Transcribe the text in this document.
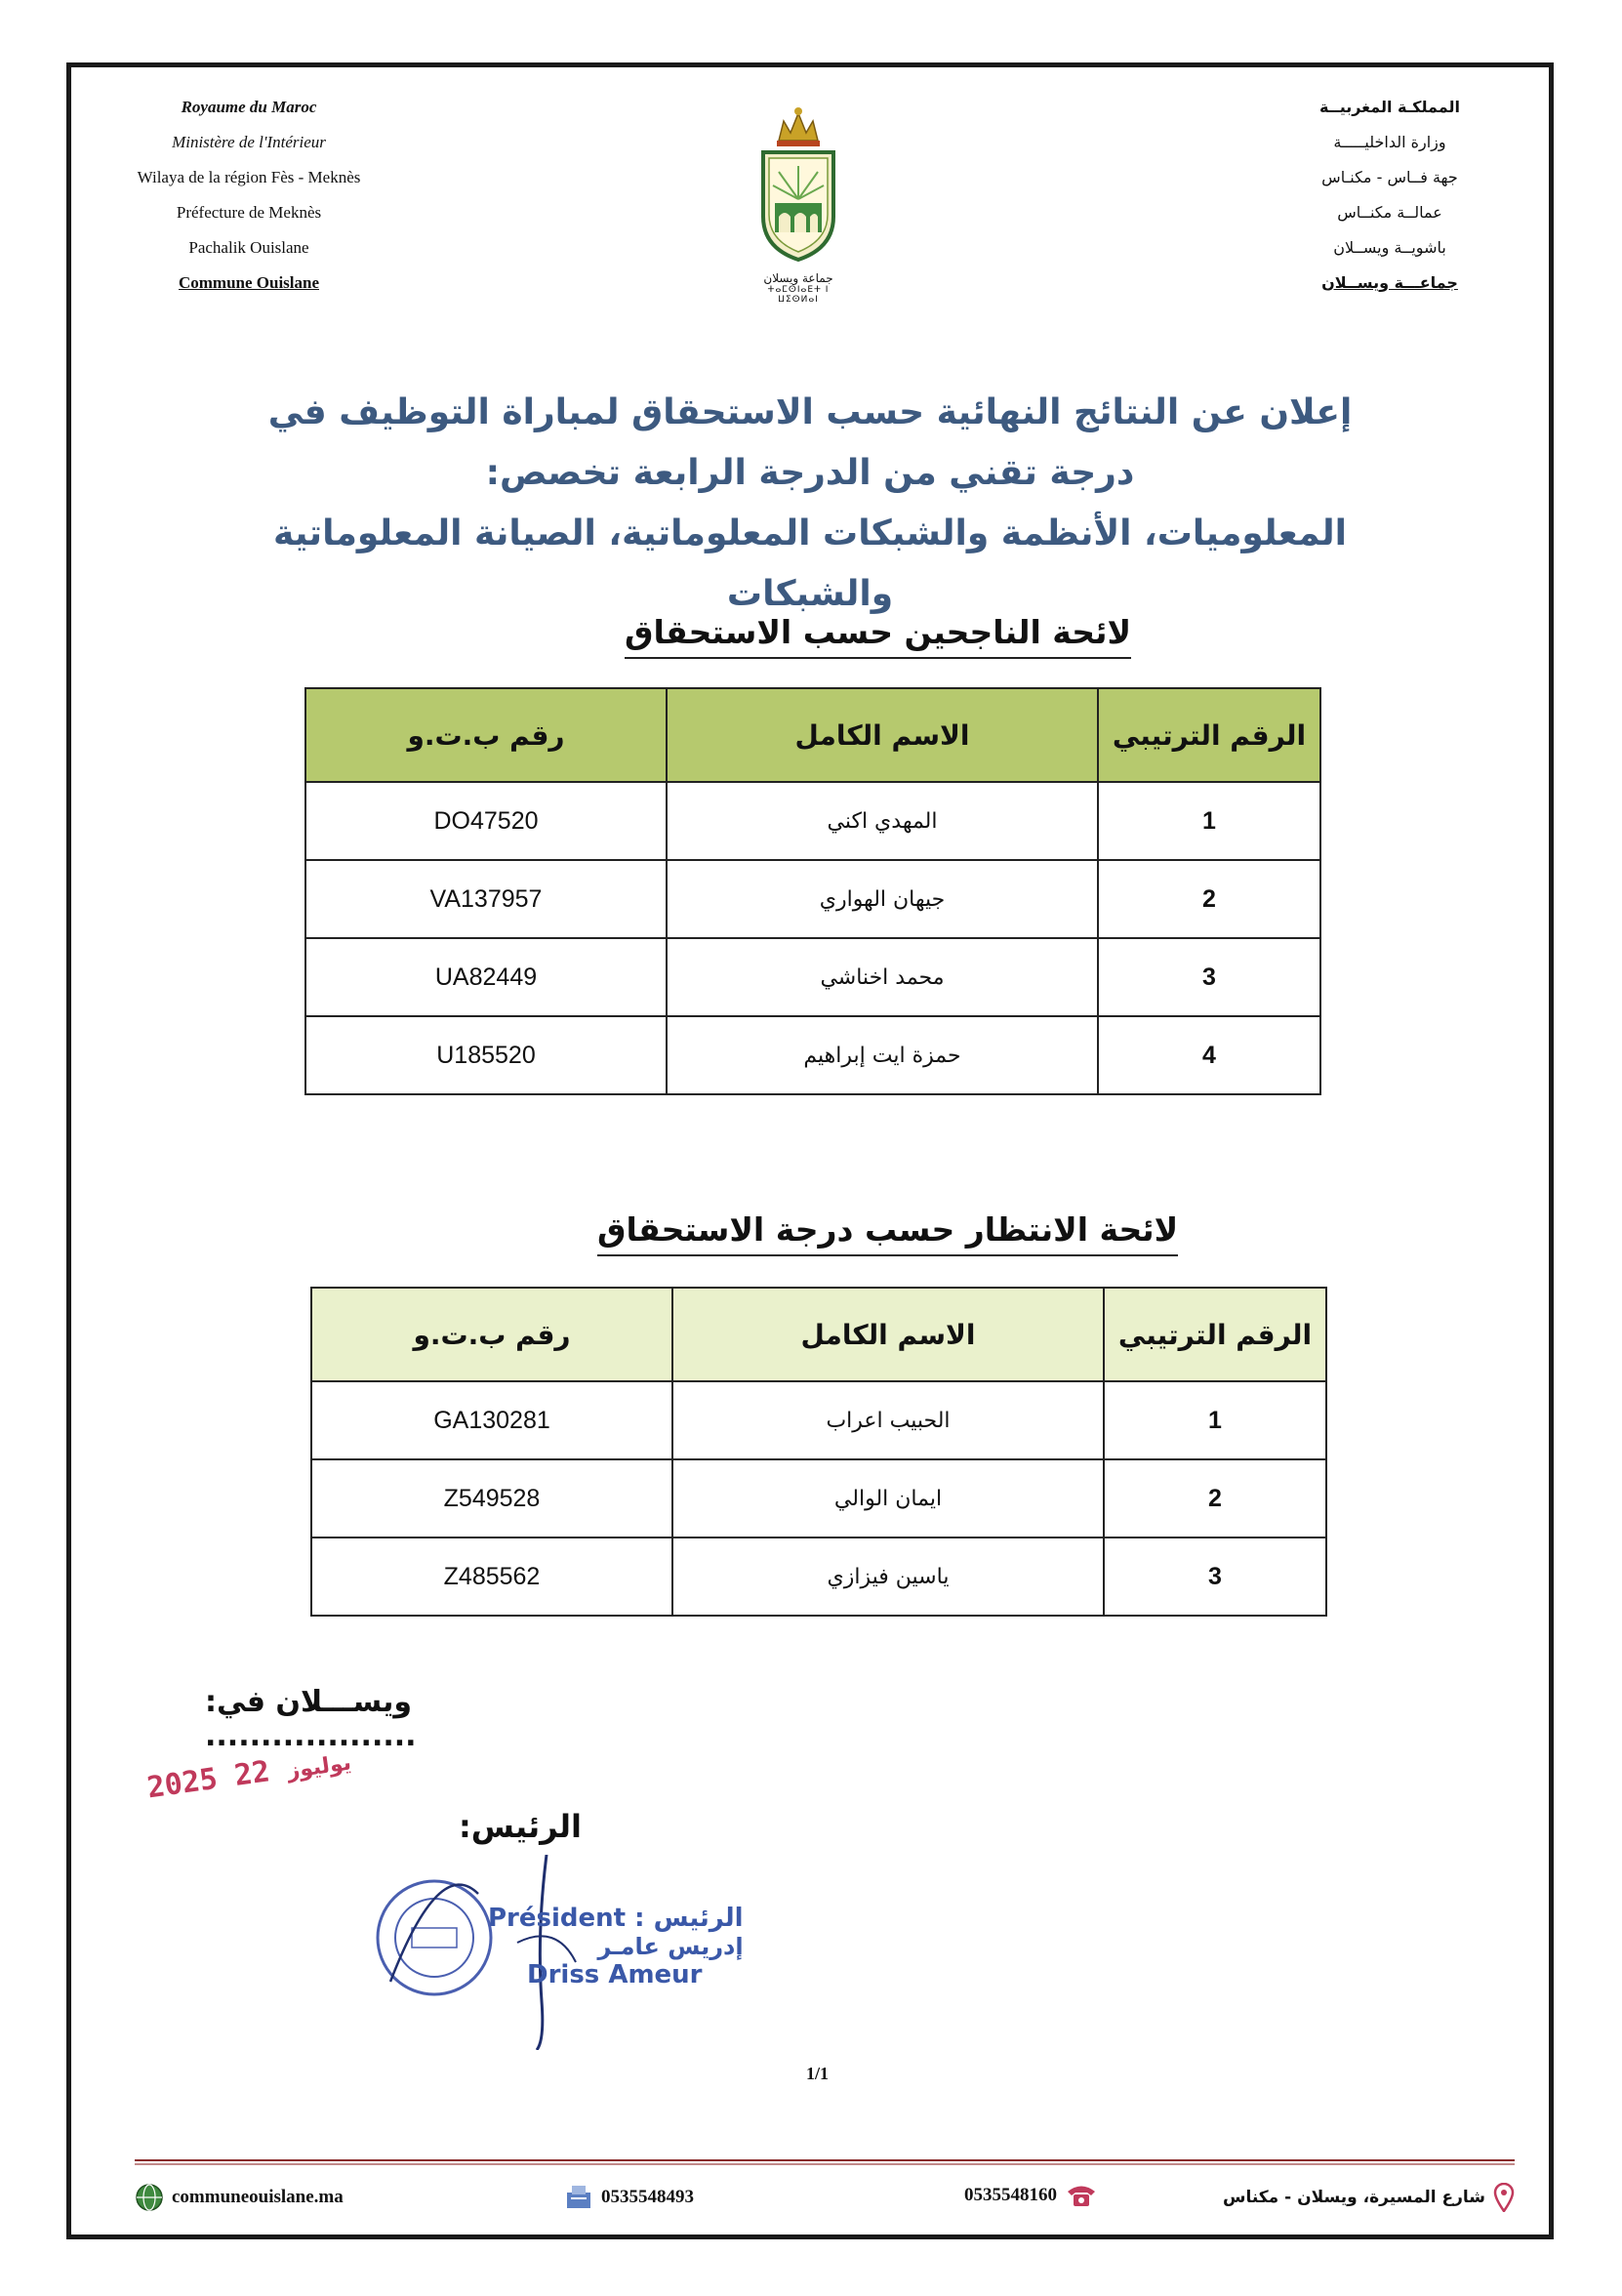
Royaume du Maroc
Ministère de l'Intérieur
Wilaya de la région Fès - Meknès
Préfecture de Meknès
Pachalik Ouislane
Commune Ouislane	جماعة ويسلان
ⵜⴰⵎⵙⵏⴰⴹⵜ ⵏ ⵡⵉⵙⵍⴰⵏ
المملكـة المغربيــة
وزارة الداخليـــــة
جهة فــاس - مكنـاس
عمالــة مكنــاس
باشويــة ويســلان
جماعـــة ويســلان
إعلان عن النتائج النهائية حسب الاستحقاق لمباراة التوظيف في درجة تقني من الدرجة الرابعة تخصص:
المعلوميات، الأنظمة والشبكات المعلوماتية، الصيانة المعلوماتية والشبكات
لائحة الناجحين حسب الاستحقاق
الرقم الترتيبي	الاسم الكامل	رقم ب.ت.و
1	المهدي اكني	DO47520
2	جيهان الهواري	VA137957
3	محمد اخناشي	UA82449
4	حمزة ايت إبراهيم	U185520
لائحة الانتظار حسب درجة الاستحقاق
الرقم الترتيبي	الاسم الكامل	رقم ب.ت.و
1	الحبيب اعراب	GA130281
2	ايمان الوالي	Z549528
3	ياسين فيزازي	Z485562
ويســـلان في: ...................
2025	يوليوز 22
الرئيس:
Président : الرئيس
إدريس عامـر
Driss Ameur
1/1
communeouislane.ma	0535548493	0535548160	شارع المسيرة، ويسلان - مكناس
